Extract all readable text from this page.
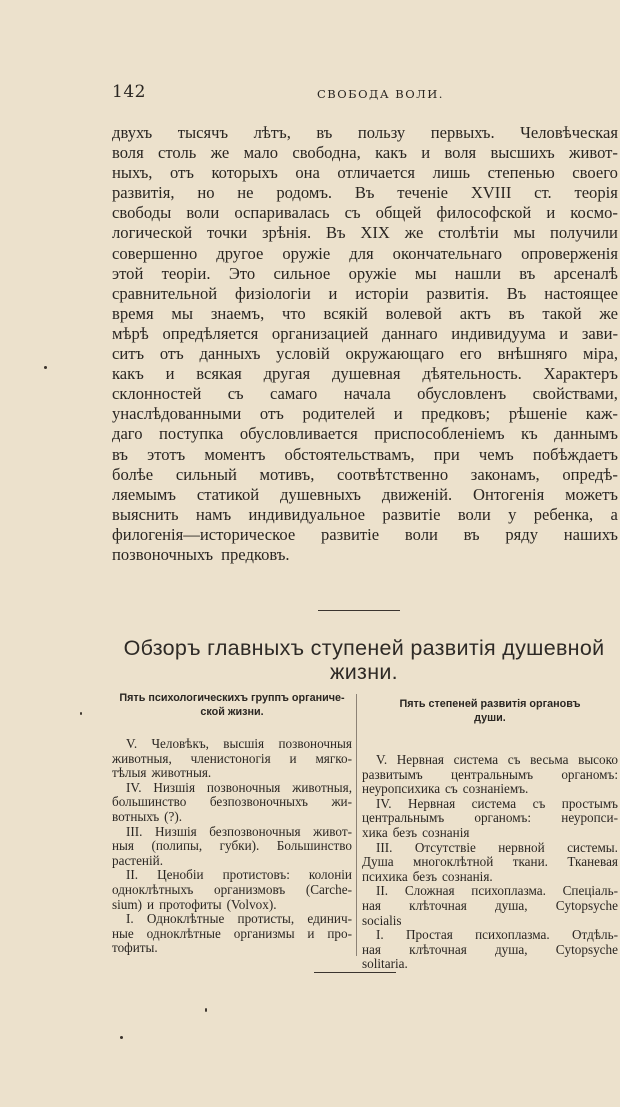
142	СВОБОДА ВОЛИ.
двухъ тысячъ лѣтъ, въ пользу первыхъ. Человѣческая
воля столь же мало свободна, какъ и воля высшихъ живот-
ныхъ, отъ которыхъ она отличается лишь степенью своего
развитія, но не родомъ. Въ теченіе XVIII ст. теорія
свободы воли оспаривалась съ общей философской и космо-
логической точки зрѣнія. Въ XIX же столѣтіи мы получили
совершенно другое оружіе для окончательнаго опроверженія
этой теоріи. Это сильное оружіе мы нашли въ арсеналѣ
сравнительной физіологіи и исторіи развитія. Въ настоящее
время мы знаемъ, что всякій волевой актъ въ такой же
мѣрѣ опредѣляется организацией даннаго индивидуума и зави-
ситъ отъ данныхъ условій окружающаго его внѣшняго міра,
какъ и всякая другая душевная дѣятельность. Характеръ
склонностей съ самаго начала обусловленъ свойствами,
унаслѣдованными отъ родителей и предковъ; рѣшеніе каж-
даго поступка обусловливается приспособленіемъ къ даннымъ
въ этотъ моментъ обстоятельствамъ, при чемъ побѣждаетъ
болѣе сильный мотивъ, соотвѣтственно законамъ, опредѣ-
ляемымъ статикой душевныхъ движеній. Онтогенія можетъ
выяснить намъ индивидуальное развитіе воли у ребенка, а
филогенія—историческое развитіе воли въ ряду нашихъ
позвоночныхъ предковъ.
Обзоръ главныхъ ступеней развитія душевной жизни.
Пять психологическихъ группъ органиче-
ской жизни.
V. Человѣкъ, высшія позвоночныя
животныя, членистоногія и мягко-
тѣлыя животныя.
IV. Низшія позвоночныя животныя,
большинство безпозвоночныхъ жи-
вотныхъ (?).
III. Низшія безпозвоночныя живот-
ныя (полипы, губки). Большинство
растеній.
II. Ценобіи протистовъ: колоніи
одноклѣтныхъ организмовъ (Carche-
sium) и протофиты (Volvox).
I. Одноклѣтные протисты, единич-
ные одноклѣтные организмы и про-
тофиты.
Пять степеней развитія органовъ
души.
V. Нервная система съ весьма высоко
развитымъ центральнымъ органомъ:
неуропсихика съ сознаніемъ.
IV. Нервная система съ простымъ
центральнымъ органомъ: неуропси-
хика безъ сознанія
III. Отсутствіе нервной системы.
Душа многоклѣтной ткани. Тканевая
психика безъ сознанія.
II. Сложная психоплазма. Спеціаль-
ная клѣточная душа, Cytopsyche
socialis
I. Простая психоплазма. Отдѣль-
ная клѣточная душа, Cytopsyche
solitaria.
